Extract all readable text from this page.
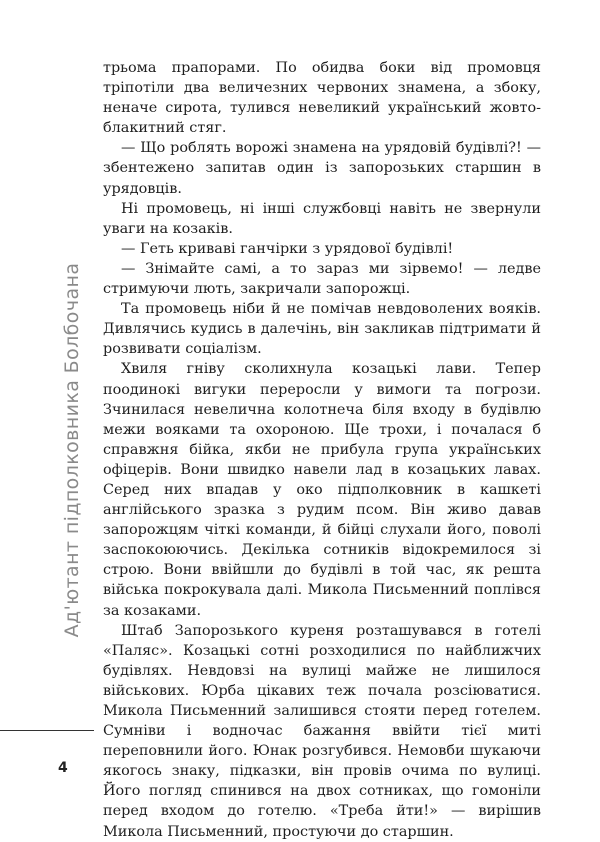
Ад'ютант підполковника Болбочана
4

трьома прапорами. По обидва боки від промовця тріпотіли два величезних червоних знамена, а збоку, неначе сирота, тулився невеликий український жовто-блакитний стяг.

— Що роблять ворожі знамена на урядовій будівлі?! — збентежено запитав один із запорозьких старшин в урядовців.

Ні промовець, ні інші службовці навіть не звернули уваги на козаків.

— Геть криваві ганчірки з урядової будівлі!

— Знімайте самі, а то зараз ми зірвемо! — ледве стримуючи лють, закричали запорожці.

Та промовець ніби й не помічав невдоволених вояків. Дивлячись кудись в далечінь, він закликав підтримати й розвивати соціалізм.

Хвиля гніву сколихнула козацькі лави. Тепер поодинокі вигуки переросли у вимоги та погрози. Зчинилася невелична колотнеча біля входу в будівлю межи вояками та охороною. Ще трохи, і почалася б справжня бійка, якби не прибула група українських офіцерів. Вони швидко навели лад в козацьких лавах. Серед них впадав у око підполковник в кашкеті англійського зразка з рудим псом. Він живо давав запорожцям чіткі команди, й бійці слухали його, поволі заспокоюючись. Декілька сотників відокремилося зі строю. Вони ввійшли до будівлі в той час, як решта війська покрокувала далі. Микола Письменний поплівся за козаками.

Штаб Запорозького куреня розташувався в готелі «Паляс». Козацькі сотні розходилися по найближчих будівлях. Невдовзі на вулиці майже не лишилося військових. Юрба цікавих теж почала розсіюватися. Микола Письменний залишився стояти перед готелем. Сумніви і водночас бажання ввійти тієї миті переповнили його. Юнак розгубився. Немовби шукаючи якогось знаку, підказки, він провів очима по вулиці. Його погляд спинився на двох сотниках, що гомоніли перед входом до готелю. «Треба йти!» — вирішив Микола Письменний, простуючи до старшин.
